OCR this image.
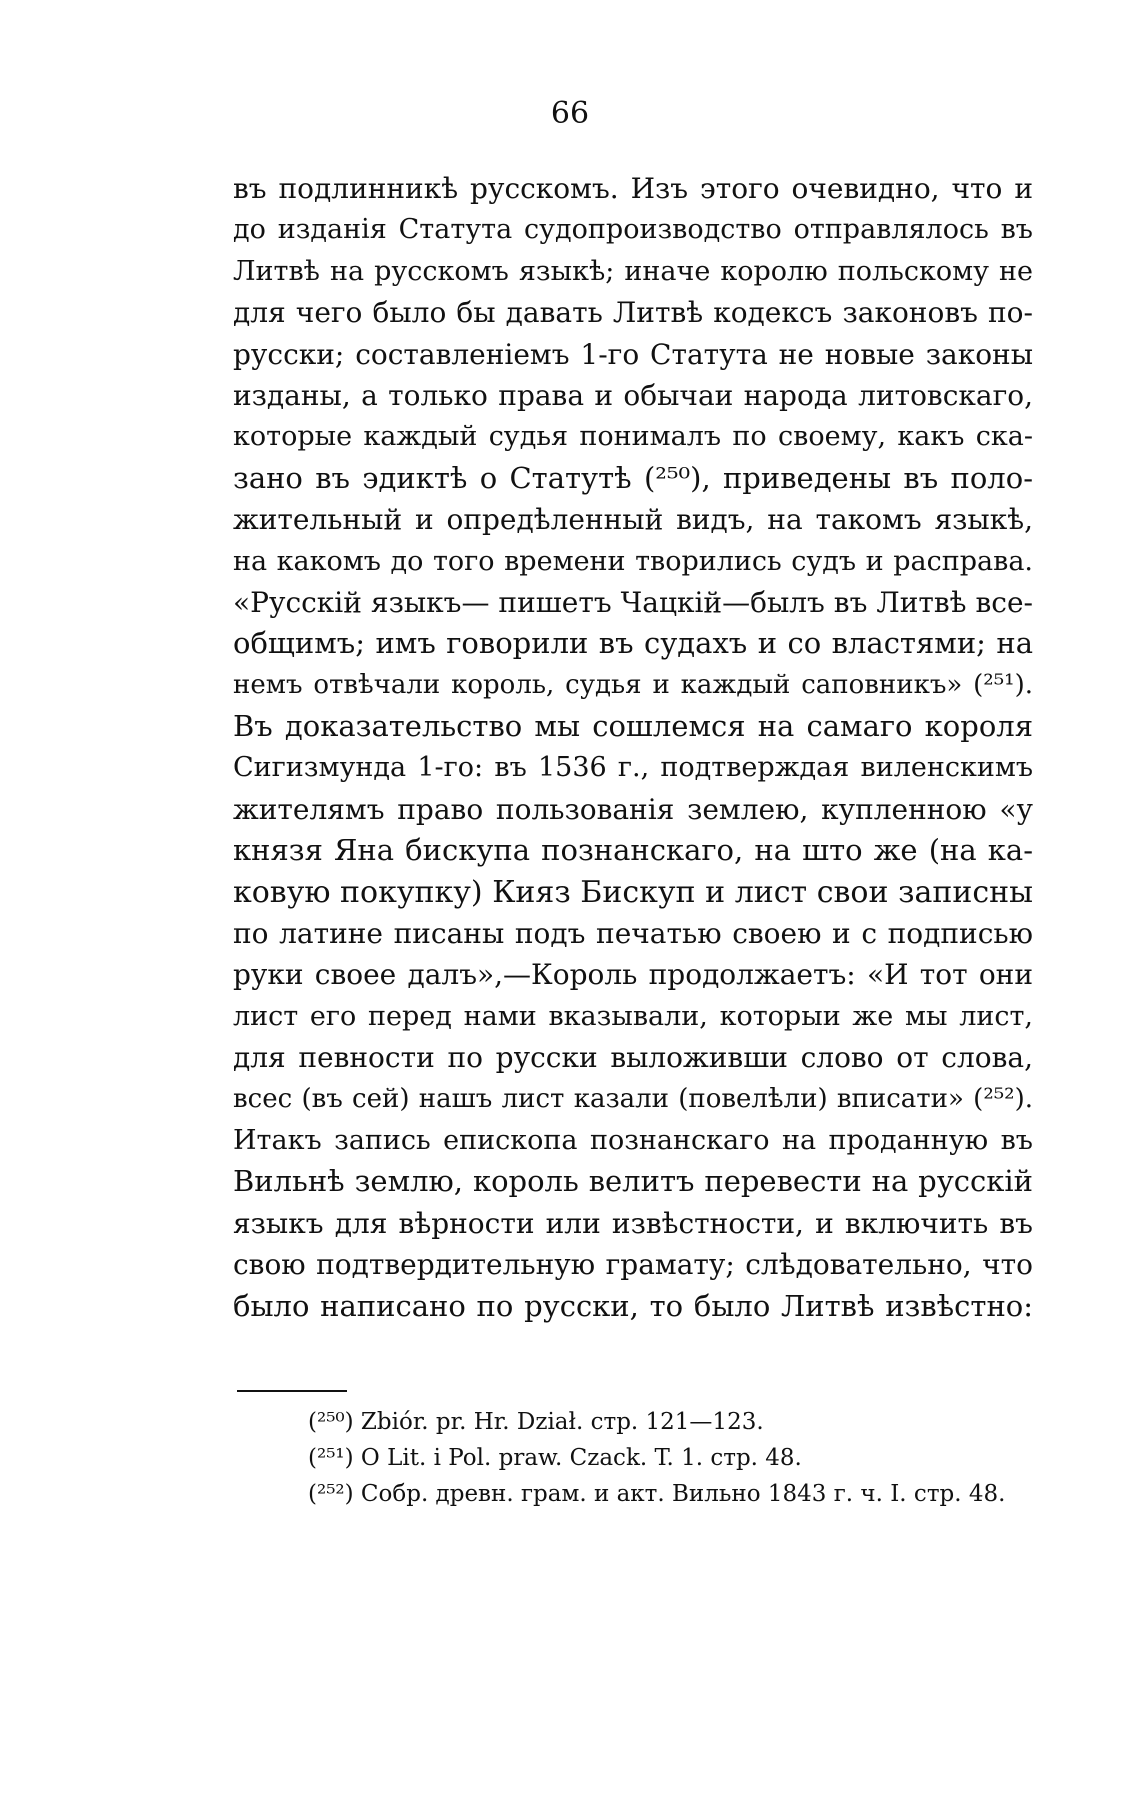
66
въ подлинникѣ русскомъ. Изъ этого очевидно, что и
до изданія Статута судопроизводство отправлялось въ
Литвѣ на русскомъ языкѣ; иначе королю польскому не
для чего было бы давать Литвѣ кодексъ законовъ по-
русски; составленіемъ 1-го Статута не новые законы
изданы, а только права и обычаи народа литовскаго,
которые каждый судья понималъ по своему, какъ ска-
зано въ эдиктѣ о Статутѣ (²⁵⁰), приведены въ поло-
жительный и опредѣленный видъ, на такомъ языкѣ,
на какомъ до того времени творились судъ и расправа.
«Русскій языкъ— пишетъ Чацкій—былъ въ Литвѣ все-
общимъ; имъ говорили въ судахъ и со властями; на
немъ отвѣчали король, судья и каждый саповникъ» (²⁵¹).
Въ доказательство мы сошлемся на самаго короля
Сигизмунда 1-го: въ 1536 г., подтверждая виленскимъ
жителямъ право пользованія землею, купленною «у
князя Яна бискупа познанскаго, на што же (на ка-
ковую покупку) Кияз Бискуп и лист свои записны
по латине писаны подъ печатью своею и с подписью
руки своее далъ»,—Король продолжаетъ: «И тот они
лист его перед нами вказывали, которыи же мы лист,
для певности по русски выложивши слово от слова,
всес (въ сей) нашъ лист казали (повелѣли) вписати» (²⁵²).
Итакъ запись епископа познанскаго на проданную въ
Вильнѣ землю, король велитъ перевести на русскій
языкъ для вѣрности или извѣстности, и включить въ
свою подтвердительную грамату; слѣдовательно, что
было написано по русски, то было Литвѣ извѣстно:
(²⁵⁰) Zbiór. pr. Hr. Dział. стр. 121—123.
(²⁵¹) O Lit. i Pol. praw. Czack. T. 1. стр. 48.
(²⁵²) Собр. древн. грам. и акт. Вильно 1843 г. ч. I. стр. 48.
